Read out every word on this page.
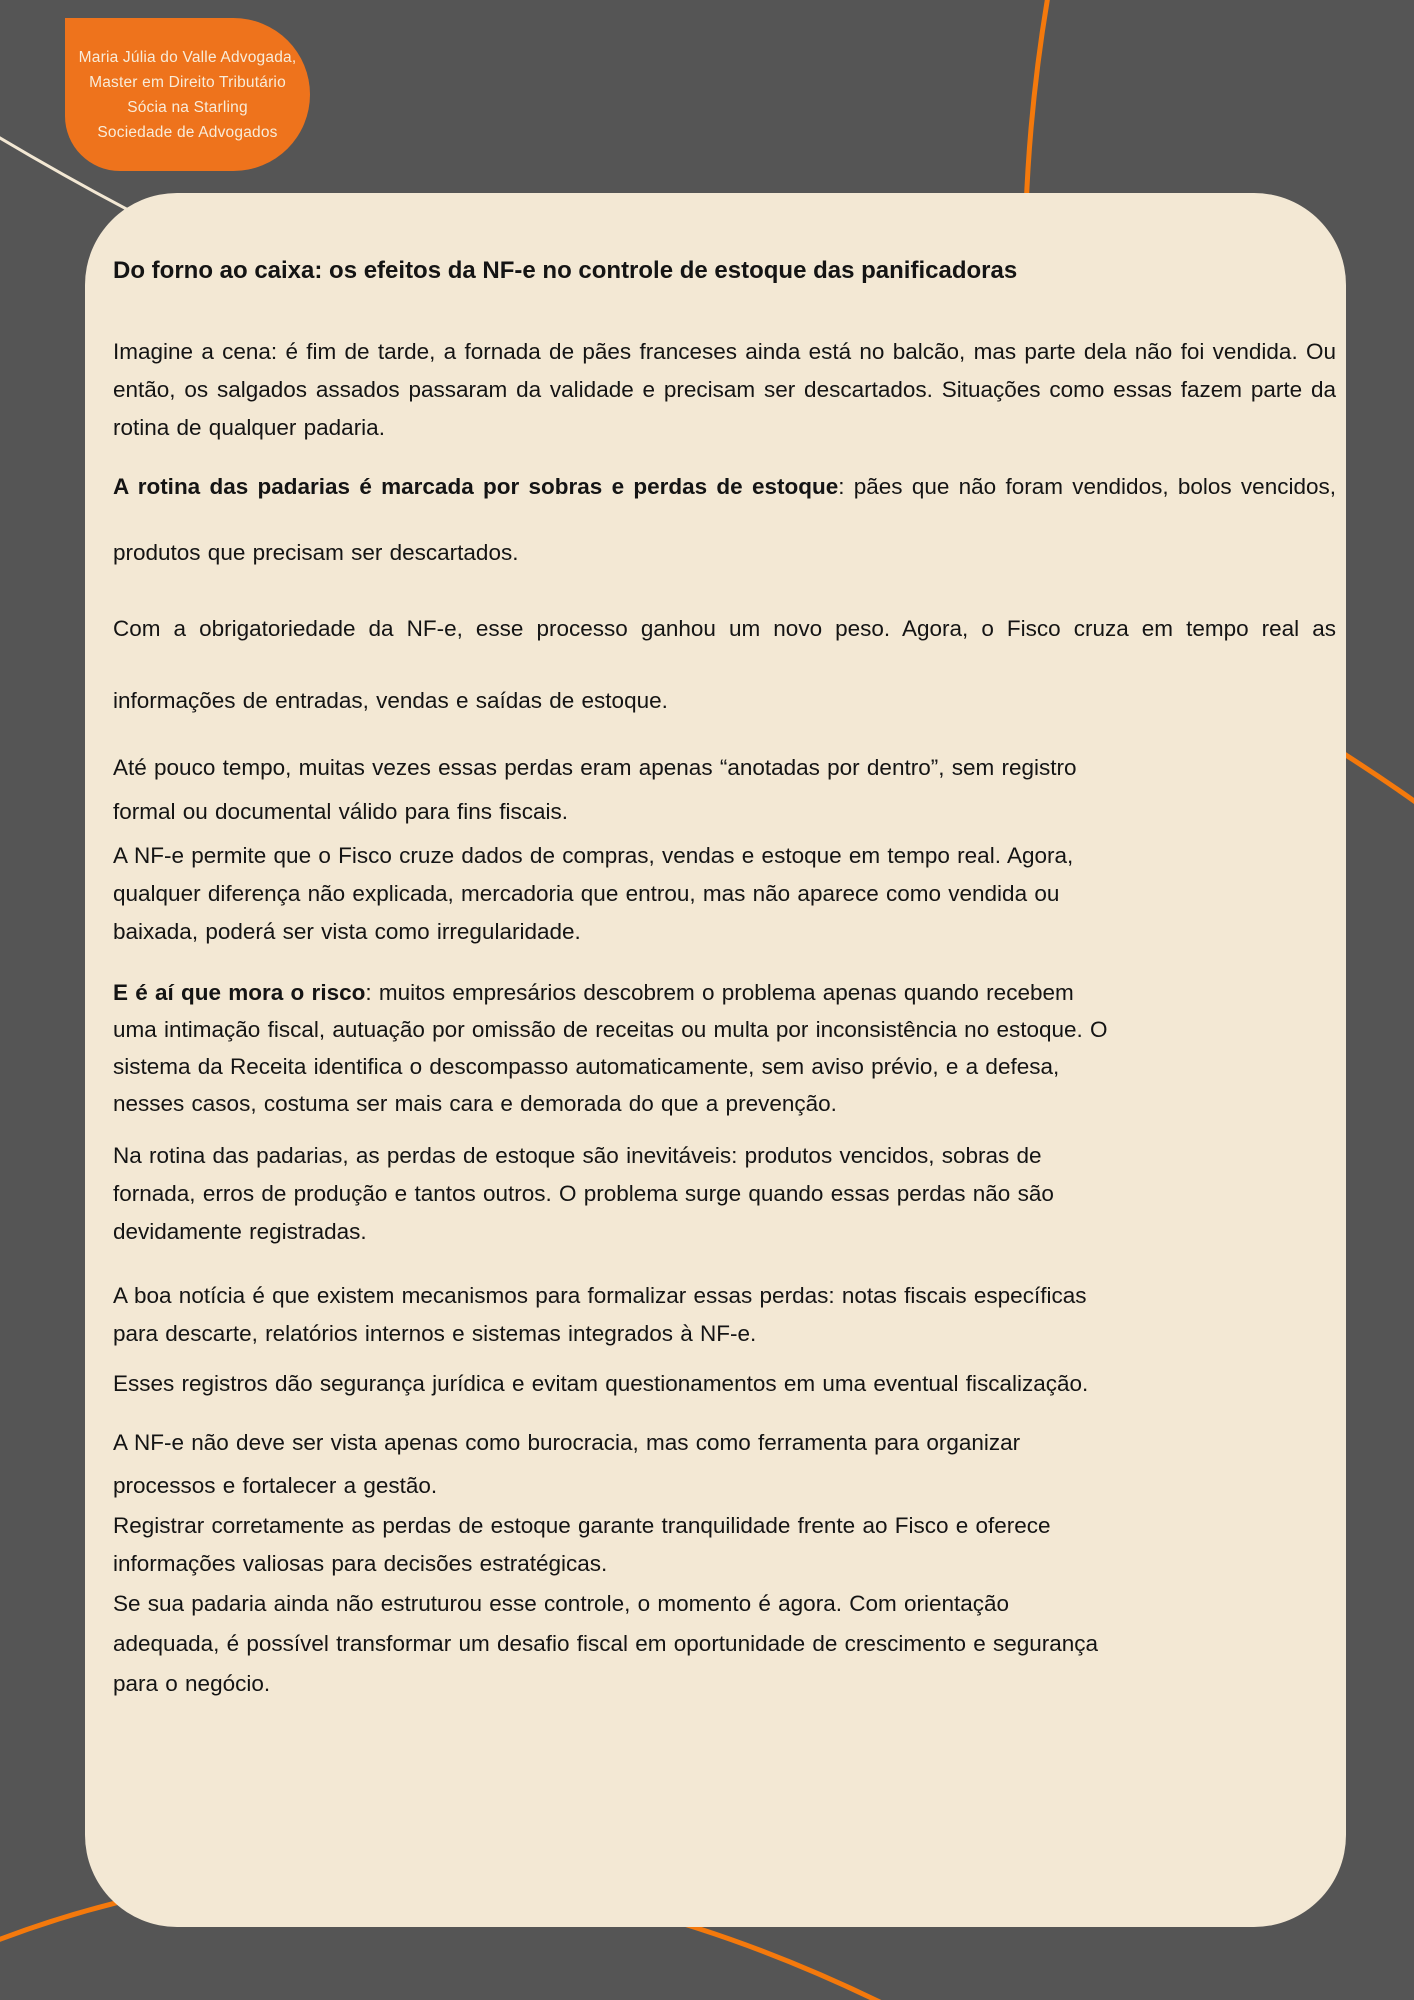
Maria Júlia do Valle Advogada,
Master em Direito Tributário
Sócia na Starling
Sociedade de Advogados
Do forno ao caixa: os efeitos da NF-e no controle de estoque das panificadoras

Imagine a cena: é fim de tarde, a fornada de pães franceses ainda está no balcão, mas parte dela não foi vendida. Ou então, os salgados assados passaram da validade e precisam ser descartados. Situações como essas fazem parte da rotina de qualquer padaria.

A rotina das padarias é marcada por sobras e perdas de estoque: pães que não foram vendidos, bolos vencidos, produtos que precisam ser descartados.

Com a obrigatoriedade da NF-e, esse processo ganhou um novo peso. Agora, o Fisco cruza em tempo real as informações de entradas, vendas e saídas de estoque.

Até pouco tempo, muitas vezes essas perdas eram apenas “anotadas por dentro”, sem registro formal ou documental válido para fins fiscais.

A NF-e permite que o Fisco cruze dados de compras, vendas e estoque em tempo real. Agora, qualquer diferença não explicada, mercadoria que entrou, mas não aparece como vendida ou baixada, poderá ser vista como irregularidade.

E é aí que mora o risco: muitos empresários descobrem o problema apenas quando recebem uma intimação fiscal, autuação por omissão de receitas ou multa por inconsistência no estoque. O sistema da Receita identifica o descompasso automaticamente, sem aviso prévio, e a defesa, nesses casos, costuma ser mais cara e demorada do que a prevenção.

Na rotina das padarias, as perdas de estoque são inevitáveis: produtos vencidos, sobras de fornada, erros de produção e tantos outros. O problema surge quando essas perdas não são devidamente registradas.

A boa notícia é que existem mecanismos para formalizar essas perdas: notas fiscais específicas para descarte, relatórios internos e sistemas integrados à NF-e.

Esses registros dão segurança jurídica e evitam questionamentos em uma eventual fiscalização.

A NF-e não deve ser vista apenas como burocracia, mas como ferramenta para organizar processos e fortalecer a gestão.

Registrar corretamente as perdas de estoque garante tranquilidade frente ao Fisco e oferece informações valiosas para decisões estratégicas.

Se sua padaria ainda não estruturou esse controle, o momento é agora. Com orientação adequada, é possível transformar um desafio fiscal em oportunidade de crescimento e segurança para o negócio.
